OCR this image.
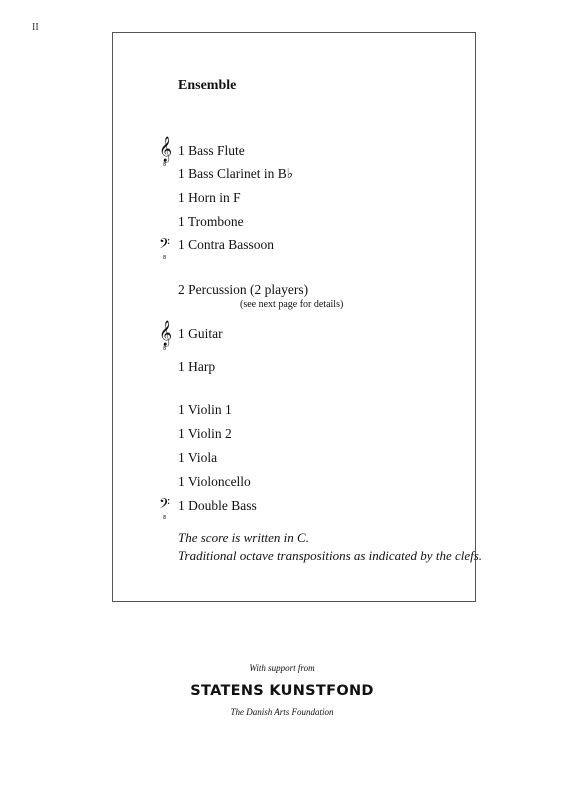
II
Ensemble
𝄞
8
𝄢
8
𝄞
8
𝄢
8
1 Bass Flute
1 Bass Clarinet in B♭
1 Horn in F
1 Trombone
1 Contra Bassoon
2 Percussion (2 players)
(see next page for details)
1 Guitar
1 Harp
1 Violin 1
1 Violin 2
1 Viola
1 Violoncello
1 Double Bass
The score is written in C.
Traditional octave transpositions as indicated by the clefs.
With support from
STATENS KUNSTFOND
The Danish Arts Foundation
